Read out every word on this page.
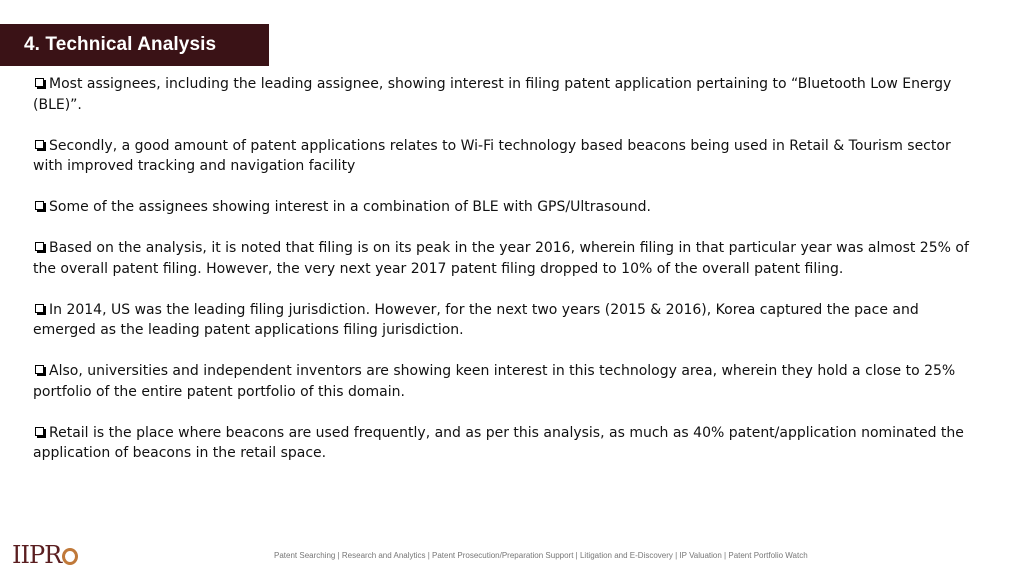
4. Technical Analysis

Most assignees, including the leading assignee, showing interest in filing patent application pertaining to “Bluetooth Low Energy (BLE)”.

Secondly, a good amount of patent applications relates to Wi-Fi technology based beacons being used in Retail & Tourism sector with improved tracking and navigation facility

Some of the assignees showing interest in a combination of BLE with GPS/Ultrasound.

Based on the analysis, it is noted that filing is on its peak in the year 2016, wherein filing in that particular year was almost 25% of the overall patent filing. However, the very next year 2017 patent filing dropped to 10% of the overall patent filing.

In 2014, US was the leading filing jurisdiction. However, for the next two years (2015 & 2016), Korea captured the pace and emerged as the leading patent applications filing jurisdiction.

Also, universities and independent inventors are showing keen interest in this technology area, wherein they hold a close to 25% portfolio of the entire patent portfolio of this domain.

Retail is the place where beacons are used frequently, and as per this analysis, as much as 40% patent/application nominated the application of beacons in the retail space.

IIPR	Patent Searching | Research and Analytics | Patent Prosecution/Preparation Support | Litigation and E-Discovery | IP Valuation | Patent Portfolio Watch
